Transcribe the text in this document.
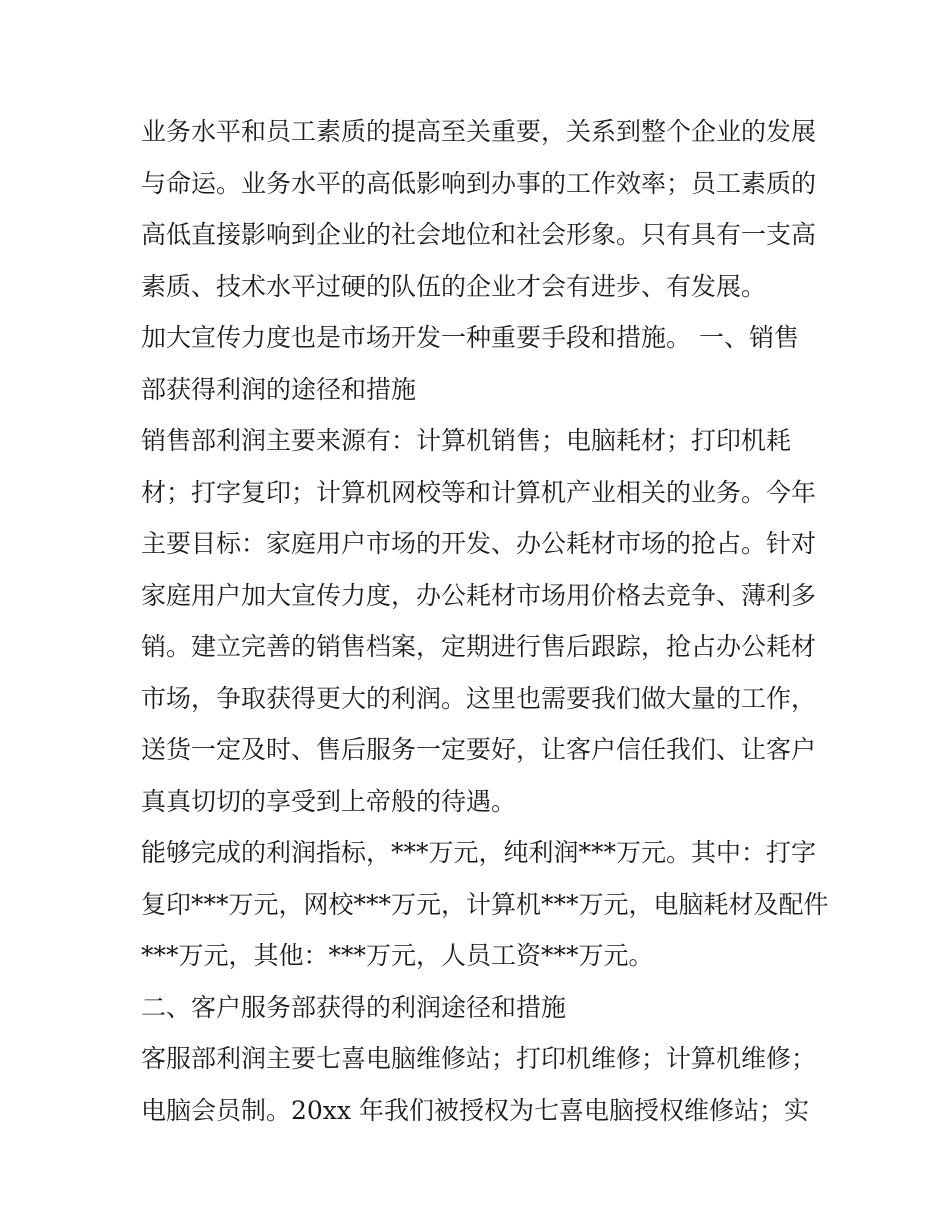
业务水平和员工素质的提高至关重要，关系到整个企业的发展
与命运。业务水平的高低影响到办事的工作效率；员工素质的
高低直接影响到企业的社会地位和社会形象。只有具有一支高
素质、技术水平过硬的队伍的企业才会有进步、有发展。

加大宣传力度也是市场开发一种重要手段和措施。 一、销售
部获得利润的途径和措施

销售部利润主要来源有：计算机销售；电脑耗材；打印机耗
材；打字复印；计算机网校等和计算机产业相关的业务。今年
主要目标：家庭用户市场的开发、办公耗材市场的抢占。针对
家庭用户加大宣传力度，办公耗材市场用价格去竞争、薄利多
销。建立完善的销售档案，定期进行售后跟踪，抢占办公耗材
市场，争取获得更大的利润。这里也需要我们做大量的工作，
送货一定及时、售后服务一定要好，让客户信任我们、让客户
真真切切的享受到上帝般的待遇。

能够完成的利润指标，***万元，纯利润***万元。其中：打字
复印***万元，网校***万元，计算机***万元，电脑耗材及配件
***万元，其他：***万元，人员工资***万元。

二、客户服务部获得的利润途径和措施

客服部利润主要七喜电脑维修站；打印机维修；计算机维修；
电脑会员制。20xx 年我们被授权为七喜电脑授权维修站；实
